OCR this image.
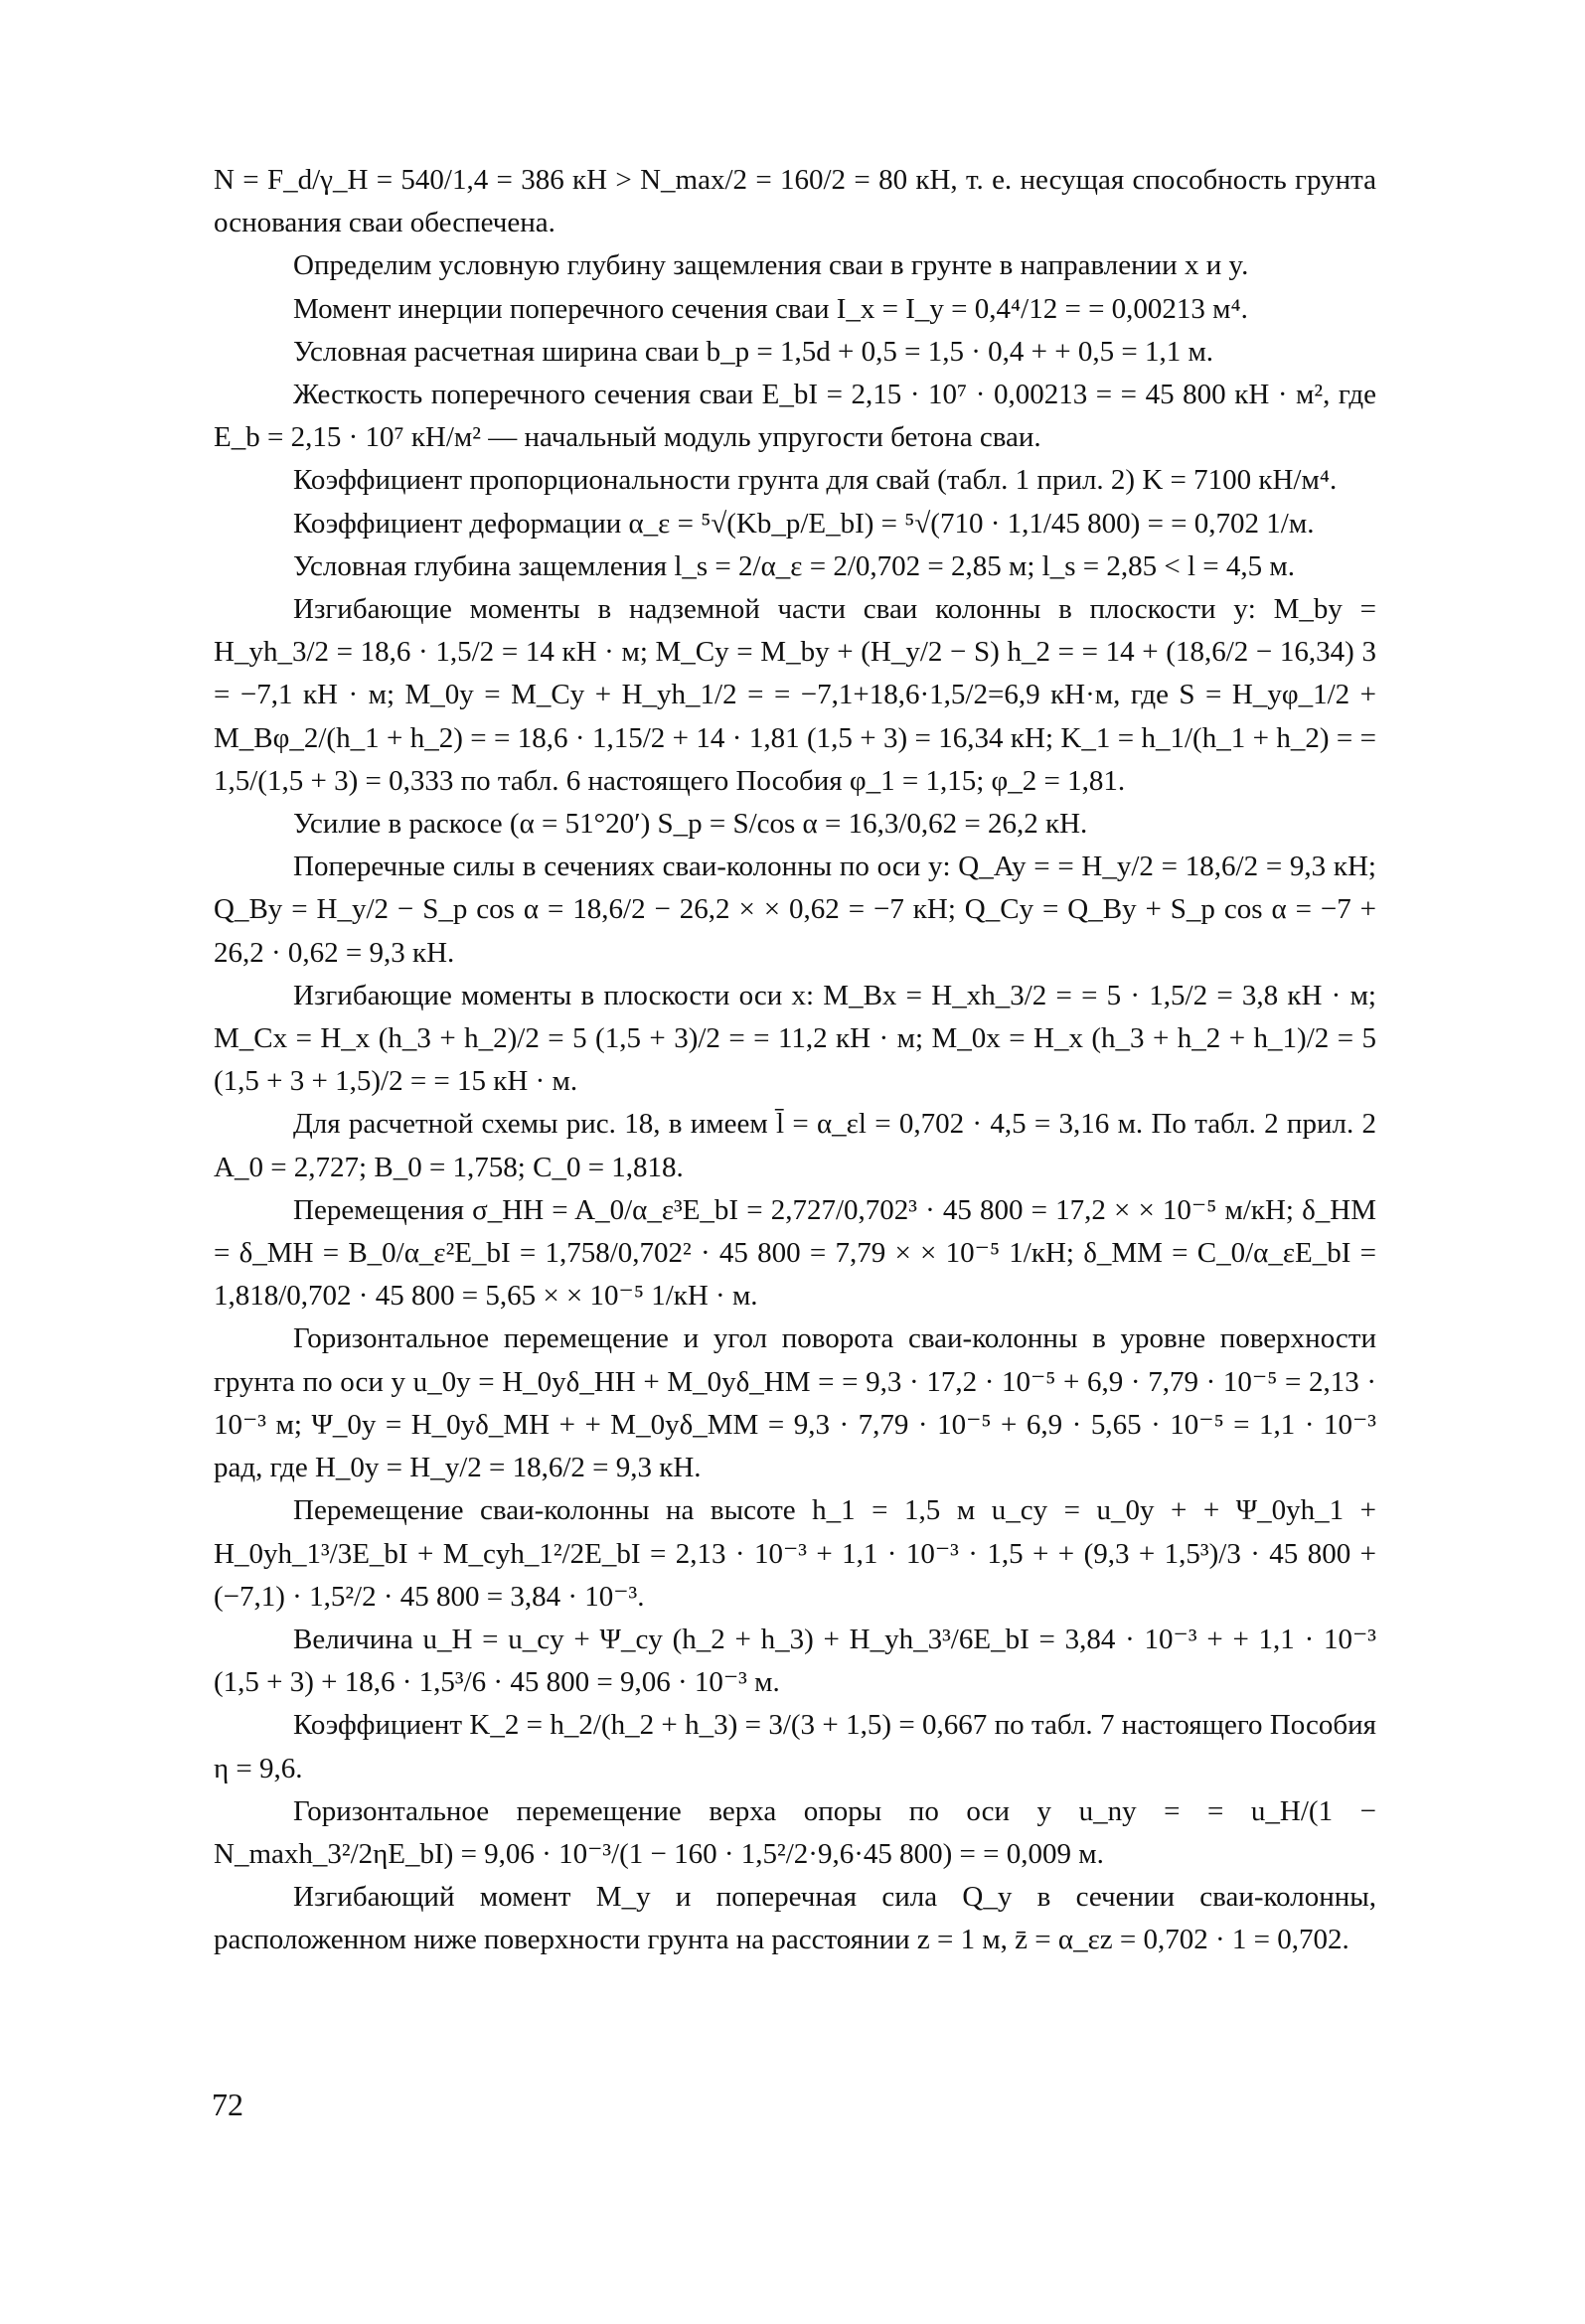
N = F_d/γ_H = 540/1,4 = 386 кН > N_max/2 = 160/2 = 80 кН, т. е. несущая способность грунта основания сваи обеспечена.

Определим условную глубину защемления сваи в грунте в направлении x и y.

Момент инерции поперечного сечения сваи I_x = I_y = 0,4⁴/12 = = 0,00213 м⁴.

Условная расчетная ширина сваи b_p = 1,5d + 0,5 = 1,5 · 0,4 + + 0,5 = 1,1 м.

Жесткость поперечного сечения сваи E_bI = 2,15 · 10⁷ · 0,00213 = = 45 800 кН · м², где E_b = 2,15 · 10⁷ кН/м² — начальный модуль упругости бетона сваи.

Коэффициент пропорциональности грунта для свай (табл. 1 прил. 2) K = 7100 кН/м⁴.

Коэффициент деформации α_ε = ⁵√(Kb_p/E_bI) = ⁵√(710 · 1,1/45 800) = = 0,702 1/м.

Условная глубина защемления l_s = 2/α_ε = 2/0,702 = 2,85 м; l_s = 2,85 < l = 4,5 м.

Изгибающие моменты в надземной части сваи колонны в плоскости y: M_by = H_yh_3/2 = 18,6 · 1,5/2 = 14 кН · м; M_Cy = M_by + (H_y/2 − S) h_2 = = 14 + (18,6/2 − 16,34) 3 = −7,1 кН · м; M_0y = M_Cy + H_yh_1/2 = = −7,1+18,6·1,5/2=6,9 кН·м, где S = H_yφ_1/2 + M_Bφ_2/(h_1 + h_2) = = 18,6 · 1,15/2 + 14 · 1,81 (1,5 + 3) = 16,34 кН; K_1 = h_1/(h_1 + h_2) = = 1,5/(1,5 + 3) = 0,333 по табл. 6 настоящего Пособия φ_1 = 1,15; φ_2 = 1,81.

Усилие в раскосе (α = 51°20′) S_p = S/cos α = 16,3/0,62 = 26,2 кН.

Поперечные силы в сечениях сваи-колонны по оси y: Q_Ay = = H_y/2 = 18,6/2 = 9,3 кН; Q_By = H_y/2 − S_p cos α = 18,6/2 − 26,2 × × 0,62 = −7 кН; Q_Cy = Q_By + S_p cos α = −7 + 26,2 · 0,62 = 9,3 кН.

Изгибающие моменты в плоскости оси x: M_Bx = H_xh_3/2 = = 5 · 1,5/2 = 3,8 кН · м; M_Cx = H_x (h_3 + h_2)/2 = 5 (1,5 + 3)/2 = = 11,2 кН · м; M_0x = H_x (h_3 + h_2 + h_1)/2 = 5 (1,5 + 3 + 1,5)/2 = = 15 кН · м.

Для расчетной схемы рис. 18, в имеем l̄ = α_εl = 0,702 · 4,5 = 3,16 м. По табл. 2 прил. 2 A_0 = 2,727; B_0 = 1,758; C_0 = 1,818.

Перемещения σ_HH = A_0/α_ε³E_bI = 2,727/0,702³ · 45 800 = 17,2 × × 10⁻⁵ м/кН; δ_HM = δ_MH = B_0/α_ε²E_bI = 1,758/0,702² · 45 800 = 7,79 × × 10⁻⁵ 1/кН; δ_MM = C_0/α_εE_bI = 1,818/0,702 · 45 800 = 5,65 × × 10⁻⁵ 1/кН · м.

Горизонтальное перемещение и угол поворота сваи-колонны в уровне поверхности грунта по оси y u_0y = H_0yδ_HH + M_0yδ_HM = = 9,3 · 17,2 · 10⁻⁵ + 6,9 · 7,79 · 10⁻⁵ = 2,13 · 10⁻³ м; Ψ_0y = H_0yδ_MH + + M_0yδ_MM = 9,3 · 7,79 · 10⁻⁵ + 6,9 · 5,65 · 10⁻⁵ = 1,1 · 10⁻³ рад, где H_0y = H_y/2 = 18,6/2 = 9,3 кН.

Перемещение сваи-колонны на высоте h_1 = 1,5 м u_cy = u_0y + + Ψ_0yh_1 + H_0yh_1³/3E_bI + M_cyh_1²/2E_bI = 2,13 · 10⁻³ + 1,1 · 10⁻³ · 1,5 + + (9,3 + 1,5³)/3 · 45 800 + (−7,1) · 1,5²/2 · 45 800 = 3,84 · 10⁻³.

Величина u_H = u_cy + Ψ_cy (h_2 + h_3) + H_yh_3³/6E_bI = 3,84 · 10⁻³ + + 1,1 · 10⁻³ (1,5 + 3) + 18,6 · 1,5³/6 · 45 800 = 9,06 · 10⁻³ м.

Коэффициент K_2 = h_2/(h_2 + h_3) = 3/(3 + 1,5) = 0,667 по табл. 7 настоящего Пособия η = 9,6.

Горизонтальное перемещение верха опоры по оси y u_ny = = u_H/(1 − N_maxh_3²/2ηE_bI) = 9,06 · 10⁻³/(1 − 160 · 1,5²/2·9,6·45 800) = = 0,009 м.

Изгибающий момент M_y и поперечная сила Q_y в сечении сваи-колонны, расположенном ниже поверхности грунта на расстоянии z = 1 м, z̄ = α_εz = 0,702 · 1 = 0,702.

72
